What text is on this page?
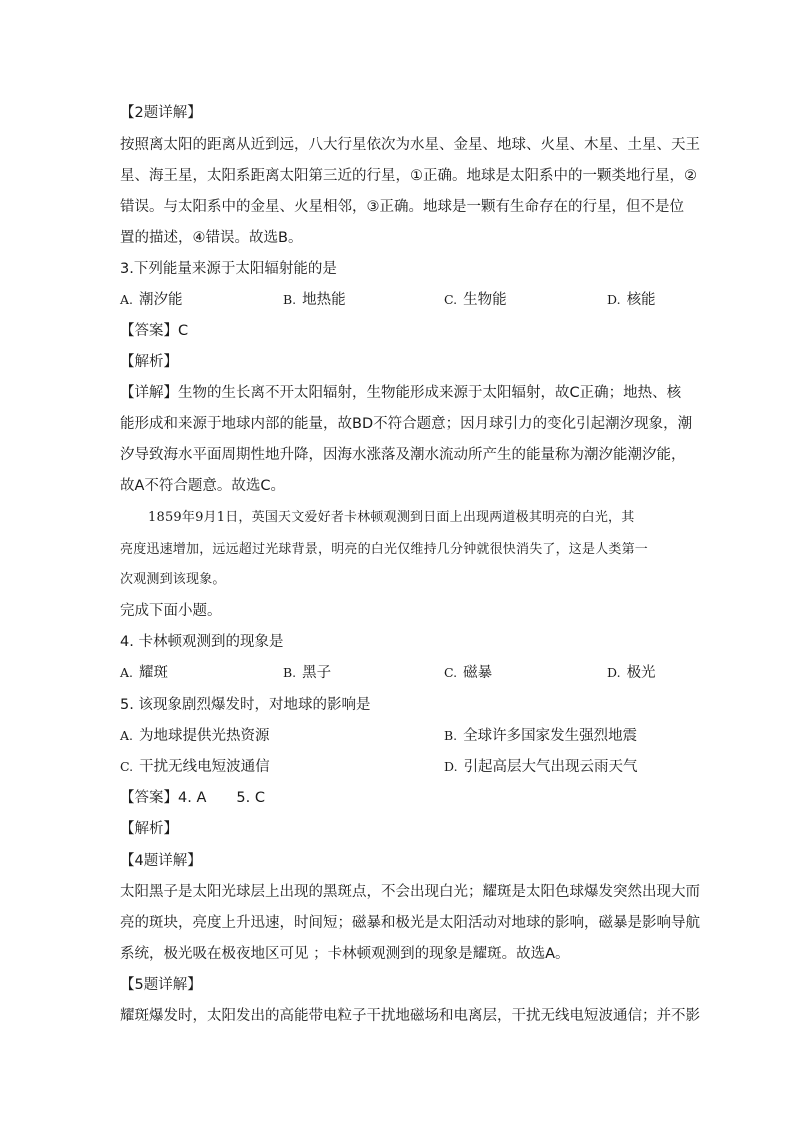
【2题详解】
按照离太阳的距离从近到远，八大行星依次为水星、金星、地球、火星、木星、土星、天王
星、海王星，太阳系距离太阳第三近的行星，①正确。地球是太阳系中的一颗类地行星，②
错误。与太阳系中的金星、火星相邻，③正确。地球是一颗有生命存在的行星，但不是位
置的描述，④错误。故选B。
3.下列能量来源于太阳辐射能的是
A. 潮汐能	B. 地热能	C. 生物能	D. 核能
【答案】C
【解析】
【详解】生物的生长离不开太阳辐射，生物能形成来源于太阳辐射，故C正确；地热、核
能形成和来源于地球内部的能量，故BD不符合题意；因月球引力的变化引起潮汐现象，潮
汐导致海水平面周期性地升降，因海水涨落及潮水流动所产生的能量称为潮汐能潮汐能，
故A不符合题意。故选C。
1859年9月1日，英国天文爱好者卡林顿观测到日面上出现两道极其明亮的白光，其
亮度迅速增加，远远超过光球背景，明亮的白光仅维持几分钟就很快消失了，这是人类第一
次观测到该现象。
完成下面小题。
4. 卡林顿观测到的现象是
A. 耀斑	B. 黑子	C. 磁暴	D. 极光
5. 该现象剧烈爆发时，对地球的影响是
A. 为地球提供光热资源	B. 全球许多国家发生强烈地震
C. 干扰无线电短波通信	D. 引起高层大气出现云雨天气
【答案】4. A 5. C
【解析】
【4题详解】
太阳黑子是太阳光球层上出现的黑斑点，不会出现白光；耀斑是太阳色球爆发突然出现大而
亮的斑块，亮度上升迅速，时间短；磁暴和极光是太阳活动对地球的影响，磁暴是影响导航
系统，极光吸在极夜地区可见 ；卡林顿观测到的现象是耀斑。故选A。
【5题详解】
耀斑爆发时，太阳发出的高能带电粒子干扰地磁场和电离层，干扰无线电短波通信；并不影
